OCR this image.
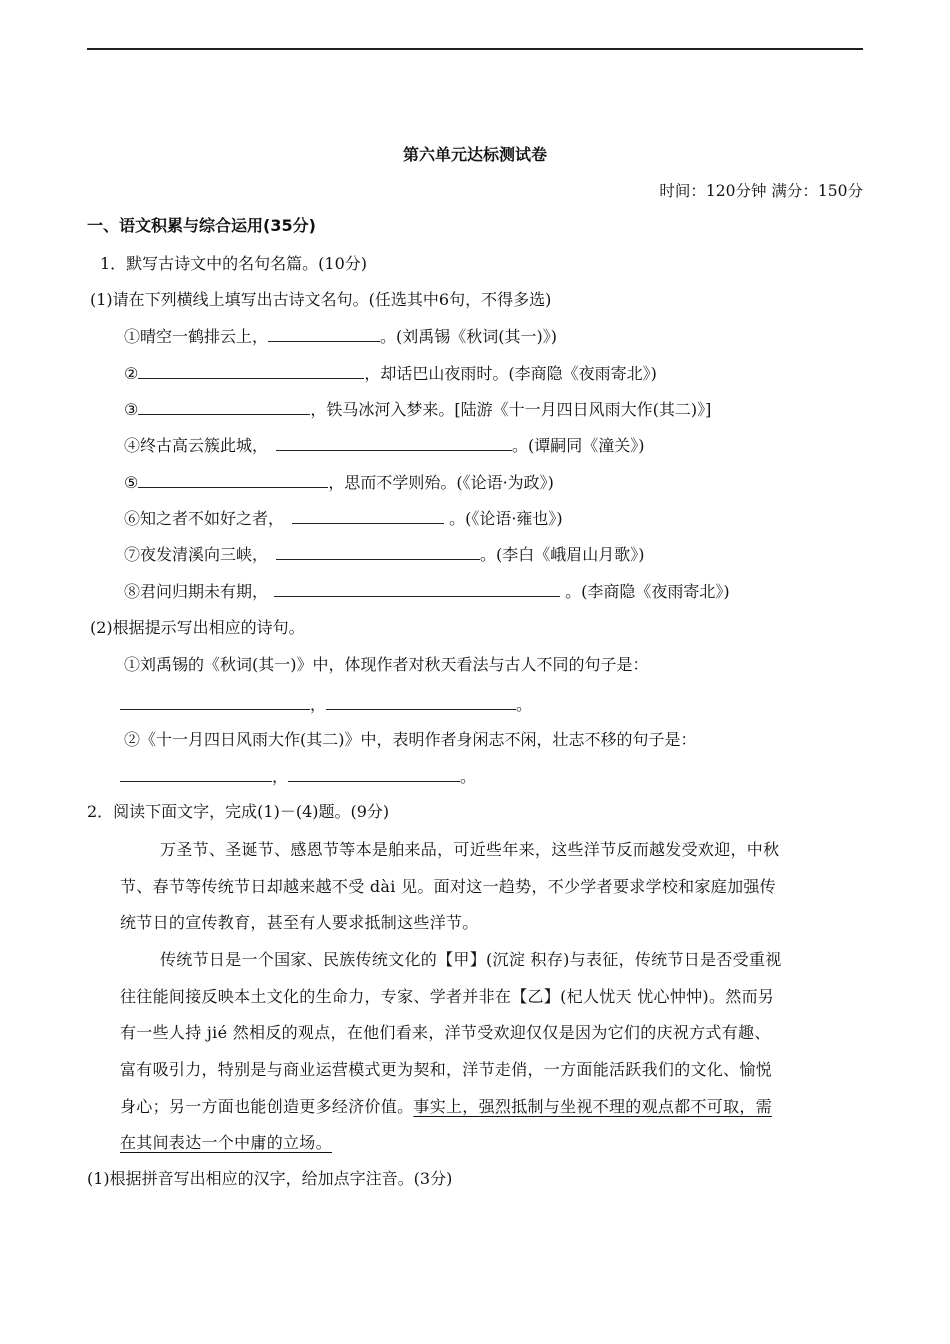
第六单元达标测试卷
时间：120分钟 满分：150分
一、语文积累与综合运用(35分)
1．默写古诗文中的名句名篇。(10分)
(1)请在下列横线上填写出古诗文名句。(任选其中6句，不得多选)
①晴空一鹤排云上，	。(刘禹锡《秋词(其一)》)
②	，却话巴山夜雨时。(李商隐《夜雨寄北》)
③	，铁马冰河入梦来。[陆游《十一月四日风雨大作(其二)》]
④终古高云簇此城，	。(谭嗣同《潼关》)
⑤	，思而不学则殆。(《论语·为政》)
⑥知之者不如好之者，	。(《论语·雍也》)
⑦夜发清溪向三峡，	。(李白《峨眉山月歌》)
⑧君问归期未有期，	。(李商隐《夜雨寄北》)
(2)根据提示写出相应的诗句。
①刘禹锡的《秋词(其一)》中，体现作者对秋天看法与古人不同的句子是：
，	。
②《十一月四日风雨大作(其二)》中，表明作者身闲志不闲，壮志不移的句子是：
，	。
2．阅读下面文字，完成(1)－(4)题。(9分)
万圣节、圣诞节、感恩节等本是舶来品，可近些年来，这些洋节反而越发受欢迎，中秋
节、春节等传统节日却越来越不受 dài 见。面对这一趋势，不少学者要求学校和家庭加强传
统节日的宣传教育，甚至有人要求抵制这些洋节。
传统节日是一个国家、民族传统文化的【甲】(沉淀 积存)与表征，传统节日是否受重视
往往能间接反映本土文化的生命力，专家、学者并非在【乙】(杞人忧天 忧心忡忡)。然而另
有一些人持 jié 然相反的观点，在他们看来，洋节受欢迎仅仅是因为它们的庆祝方式有趣、
富有吸引力，特别是与商业运营模式更为契和，洋节走俏，一方面能活跃我们的文化、愉悦
身心；另一方面也能创造更多经济价值。事实上，强烈抵制与坐视不理的观点都不可取，需
在其间表达一个中庸的立场。
(1)根据拼音写出相应的汉字，给加点字注音。(3分)
